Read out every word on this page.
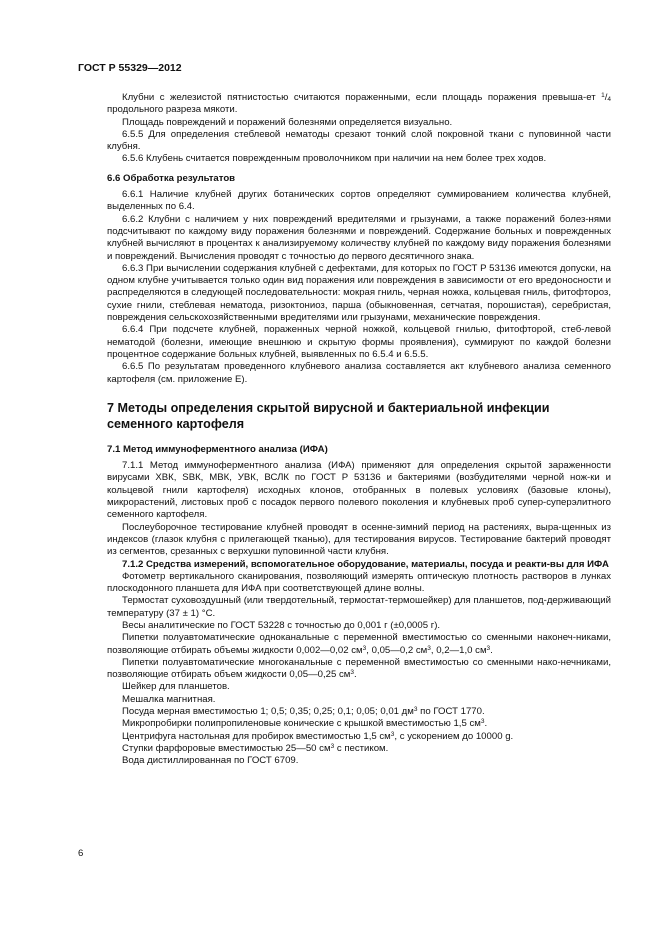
ГОСТ Р 55329—2012

Клубни с железистой пятнистостью считаются пораженными, если площадь поражения превыша-ет $^1/_4$ продольного разреза мякоти.

Площадь повреждений и поражений болезнями определяется визуально.

6.5.5 Для определения стеблевой нематоды срезают тонкий слой покровной ткани с пуповинной части клубня.

6.5.6 Клубень считается поврежденным проволочником при наличии на нем более трех ходов.

6.6 Обработка результатов

6.6.1 Наличие клубней других ботанических сортов определяют суммированием количества клубней, выделенных по 6.4.

6.6.2 Клубни с наличием у них повреждений вредителями и грызунами, а также поражений болез-нями подсчитывают по каждому виду поражения болезнями и повреждений. Содержание больных и поврежденных клубней вычисляют в процентах к анализируемому количеству клубней по каждому виду поражения болезнями и повреждений. Вычисления проводят с точностью до первого десятичного знака.

6.6.3 При вычислении содержания клубней с дефектами, для которых по ГОСТ Р 53136 имеются допуски, на одном клубне учитывается только один вид поражения или повреждения в зависимости от его вредоносности и распределяются в следующей последовательности: мокрая гниль, черная ножка, кольцевая гниль, фитофтороз, сухие гнили, стеблевая нематода, ризоктониоз, парша (обыкновенная, сетчатая, порошистая), серебристая, повреждения сельскохозяйственными вредителями или грызунами, механические повреждения.

6.6.4 При подсчете клубней, пораженных черной ножкой, кольцевой гнилью, фитофторой, стеб-левой нематодой (болезни, имеющие внешнюю и скрытую формы проявления), суммируют по каждой болезни процентное содержание больных клубней, выявленных по 6.5.4 и 6.5.5.

6.6.5 По результатам проведенного клубневого анализа составляется акт клубневого анализа семенного картофеля (см. приложение Е).

7 Методы определения скрытой вирусной и бактериальной инфекции семенного картофеля
7.1 Метод иммуноферментного анализа (ИФА)

7.1.1 Метод иммуноферментного анализа (ИФА) применяют для определения скрытой зараженности вирусами ХВК, SВК, МВК, УВК, ВСЛК по ГОСТ Р 53136 и бактериями (возбудителями черной нож-ки и кольцевой гнили картофеля) исходных клонов, отобранных в полевых условиях (базовые клоны), микрорастений, листовых проб с посадок первого полевого поколения и клубневых проб супер-суперэлитного семенного картофеля.

Послеуборочное тестирование клубней проводят в осенне-зимний период на растениях, выра-щенных из индексов (глазок клубня с прилегающей тканью), для тестирования вирусов. Тестирование бактерий проводят из сегментов, срезанных с верхушки пуповинной части клубня.

7.1.2 Средства измерений, вспомогательное оборудование, материалы, посуда и реакти-вы для ИФА

Фотометр вертикального сканирования, позволяющий измерять оптическую плотность растворов в лунках плоскодонного планшета для ИФА при соответствующей длине волны.

Термостат суховоздушный (или твердотельный, термостат-термошейкер) для планшетов, под-держивающий температуру (37 ± 1) °С.

Весы аналитические по ГОСТ 53228 с точностью до 0,001 г (±0,0005 г).

Пипетки полуавтоматические одноканальные с переменной вместимостью со сменными наконеч-никами, позволяющие отбирать объемы жидкости 0,002—0,02 $см^3$, 0,05—0,2 $см^3$, 0,2—1,0 $см^3$.

Пипетки полуавтоматические многоканальные с переменной вместимостью со сменными нако-нечниками, позволяющие отбирать объем жидкости 0,05—0,25 $см^3$.

Шейкер для планшетов.

Мешалка магнитная.

Посуда мерная вместимостью 1; 0,5; 0,35; 0,25; 0,1; 0,05; 0,01 $дм^3$ по ГОСТ 1770.

Микропробирки полипропиленовые конические с крышкой вместимостью 1,5 $см^3$.

Центрифуга настольная для пробирок вместимостью 1,5 $см^3$, с ускорением до 10000 g.

Ступки фарфоровые вместимостью 25—50 $см^3$ с пестиком.

Вода дистиллированная по ГОСТ 6709.

6
